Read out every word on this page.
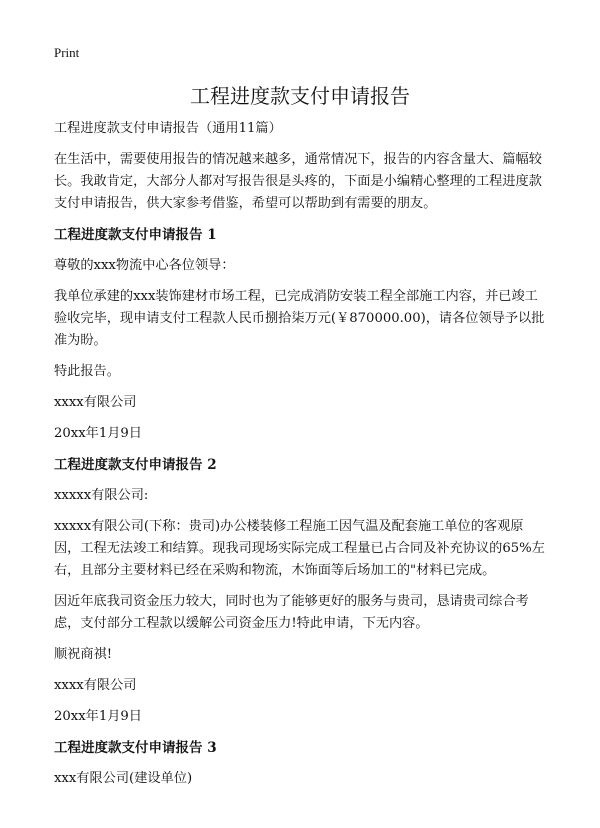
Print
工程进度款支付申请报告

工程进度款支付申请报告（通用11篇）

在生活中，需要使用报告的情况越来越多，通常情况下，报告的内容含量大、篇幅较长。我敢肯定，大部分人都对写报告很是头疼的，下面是小编精心整理的工程进度款支付申请报告，供大家参考借鉴，希望可以帮助到有需要的朋友。

工程进度款支付申请报告 1

尊敬的xxx物流中心各位领导：

我单位承建的xxx装饰建材市场工程，已完成消防安装工程全部施工内容，并已竣工验收完毕，现申请支付工程款人民币捌拾柒万元(￥870000.00)，请各位领导予以批准为盼。

特此报告。

xxxx有限公司

20xx年1月9日

工程进度款支付申请报告 2

xxxxx有限公司:

xxxxx有限公司(下称：贵司)办公楼装修工程施工因气温及配套施工单位的客观原因，工程无法竣工和结算。现我司现场实际完成工程量已占合同及补充协议的65%左右，且部分主要材料已经在采购和物流，木饰面等后场加工的"材料已完成。

因近年底我司资金压力较大，同时也为了能够更好的服务与贵司，恳请贵司综合考虑，支付部分工程款以缓解公司资金压力!特此申请，下无内容。

顺祝商祺!

xxxx有限公司

20xx年1月9日

工程进度款支付申请报告 3

xxx有限公司(建设单位)
